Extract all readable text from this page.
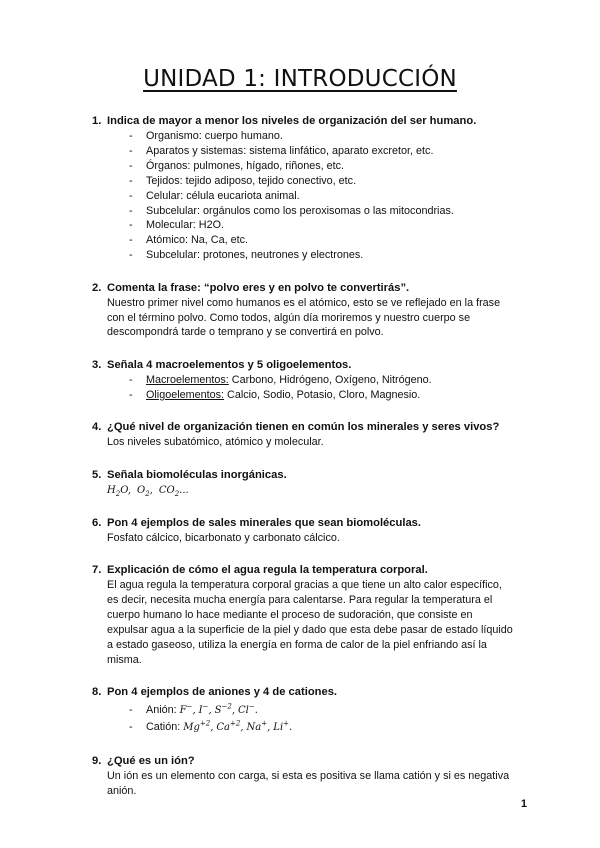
UNIDAD 1: INTRODUCCIÓN
1. Indica de mayor a menor los niveles de organización del ser humano.
- Organismo: cuerpo humano.
- Aparatos y sistemas: sistema linfático, aparato excretor, etc.
- Órganos: pulmones, hígado, riñones, etc.
- Tejidos: tejido adiposo, tejido conectivo, etc.
- Celular: célula eucariota animal.
- Subcelular: orgánulos como los peroxisomas o las mitocondrias.
- Molecular: H2O.
- Atómico: Na, Ca, etc.
- Subcelular: protones, neutrones y electrones.
2. Comenta la frase: “polvo eres y en polvo te convertirás”.
Nuestro primer nivel como humanos es el atómico, esto se ve reflejado en la frase
con el término polvo. Como todos, algún día moriremos y nuestro cuerpo se
descompondrá tarde o temprano y se convertirá en polvo.
3. Señala 4 macroelementos y 5 oligoelementos.
- Macroelementos: Carbono, Hidrógeno, Oxígeno, Nitrógeno.
- Oligoelementos: Calcio, Sodio, Potasio, Cloro, Magnesio.
4. ¿Qué nivel de organización tienen en común los minerales y seres vivos?
Los niveles subatómico, atómico y molecular.
5. Señala biomoléculas inorgánicas.
$H_2O$, $O_2$, $CO_2$...
6. Pon 4 ejemplos de sales minerales que sean biomoléculas.
Fosfato cálcico, bicarbonato y carbonato cálcico.
7. Explicación de cómo el agua regula la temperatura corporal.
El agua regula la temperatura corporal gracias a que tiene un alto calor específico,
es decir, necesita mucha energía para calentarse. Para regular la temperatura el
cuerpo humano lo hace mediante el proceso de sudoración, que consiste en
expulsar agua a la superficie de la piel y dado que esta debe pasar de estado líquido
a estado gaseoso, utiliza la energía en forma de calor de la piel enfriando así la
misma.
8. Pon 4 ejemplos de aniones y 4 de cationes.
- Anión: F−, I−, $S^{-2}$, Cl−.
- Catión: $Mg^{+2}$, $Ca^{+2}$, Na+, Li+.
9. ¿Qué es un ión?
Un ión es un elemento con carga, si esta es positiva se llama catión y si es negativa
anión.
1
